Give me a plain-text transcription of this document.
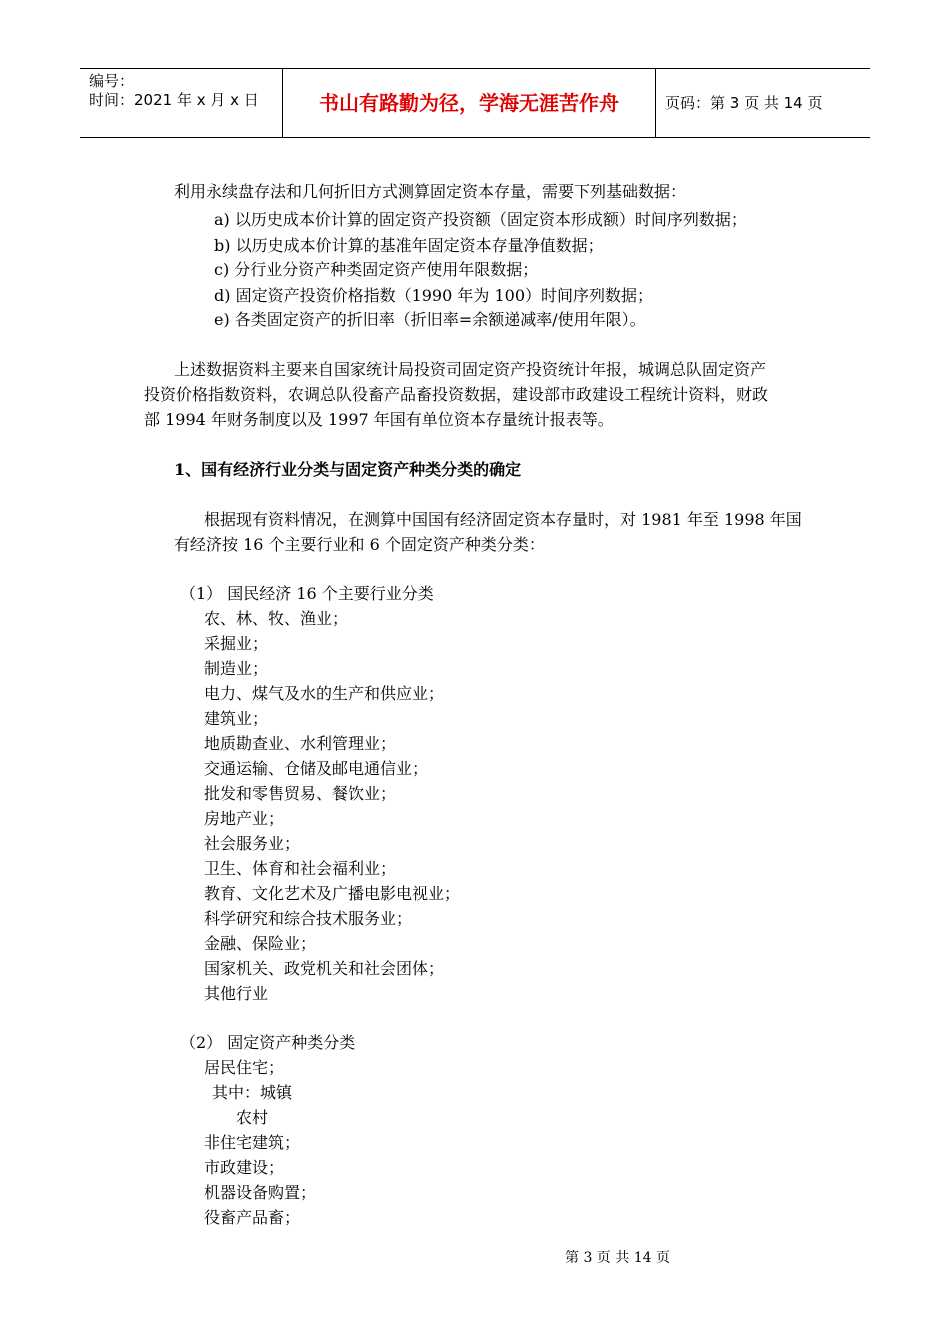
编号：
时间：2021 年 x 月 x 日	书山有路勤为径，学海无涯苦作舟	页码：第 3 页 共 14 页
利用永续盘存法和几何折旧方式测算固定资本存量，需要下列基础数据：
a) 以历史成本价计算的固定资产投资额（固定资本形成额）时间序列数据；
b) 以历史成本价计算的基准年固定资本存量净值数据；
c) 分行业分资产种类固定资产使用年限数据；
d) 固定资产投资价格指数（1990 年为 100）时间序列数据；
e) 各类固定资产的折旧率（折旧率=余额递减率/使用年限）。
上述数据资料主要来自国家统计局投资司固定资产投资统计年报，城调总队固定资产
投资价格指数资料，农调总队役畜产品畜投资数据，建设部市政建设工程统计资料，财政
部 1994 年财务制度以及 1997 年国有单位资本存量统计报表等。
1、国有经济行业分类与固定资产种类分类的确定
根据现有资料情况，在测算中国国有经济固定资本存量时，对 1981 年至 1998 年国
有经济按 16 个主要行业和 6 个固定资产种类分类：
（1） 国民经济 16 个主要行业分类
农、林、牧、渔业；
采掘业；
制造业；
电力、煤气及水的生产和供应业；
建筑业；
地质勘查业、水利管理业；
交通运输、仓储及邮电通信业；
批发和零售贸易、餐饮业；
房地产业；
社会服务业；
卫生、体育和社会福利业；
教育、文化艺术及广播电影电视业；
科学研究和综合技术服务业；
金融、保险业；
国家机关、政党机关和社会团体；
其他行业
（2） 固定资产种类分类
居民住宅；
其中：城镇
农村
非住宅建筑；
市政建设；
机器设备购置；
役畜产品畜；
第 3 页 共 14 页
